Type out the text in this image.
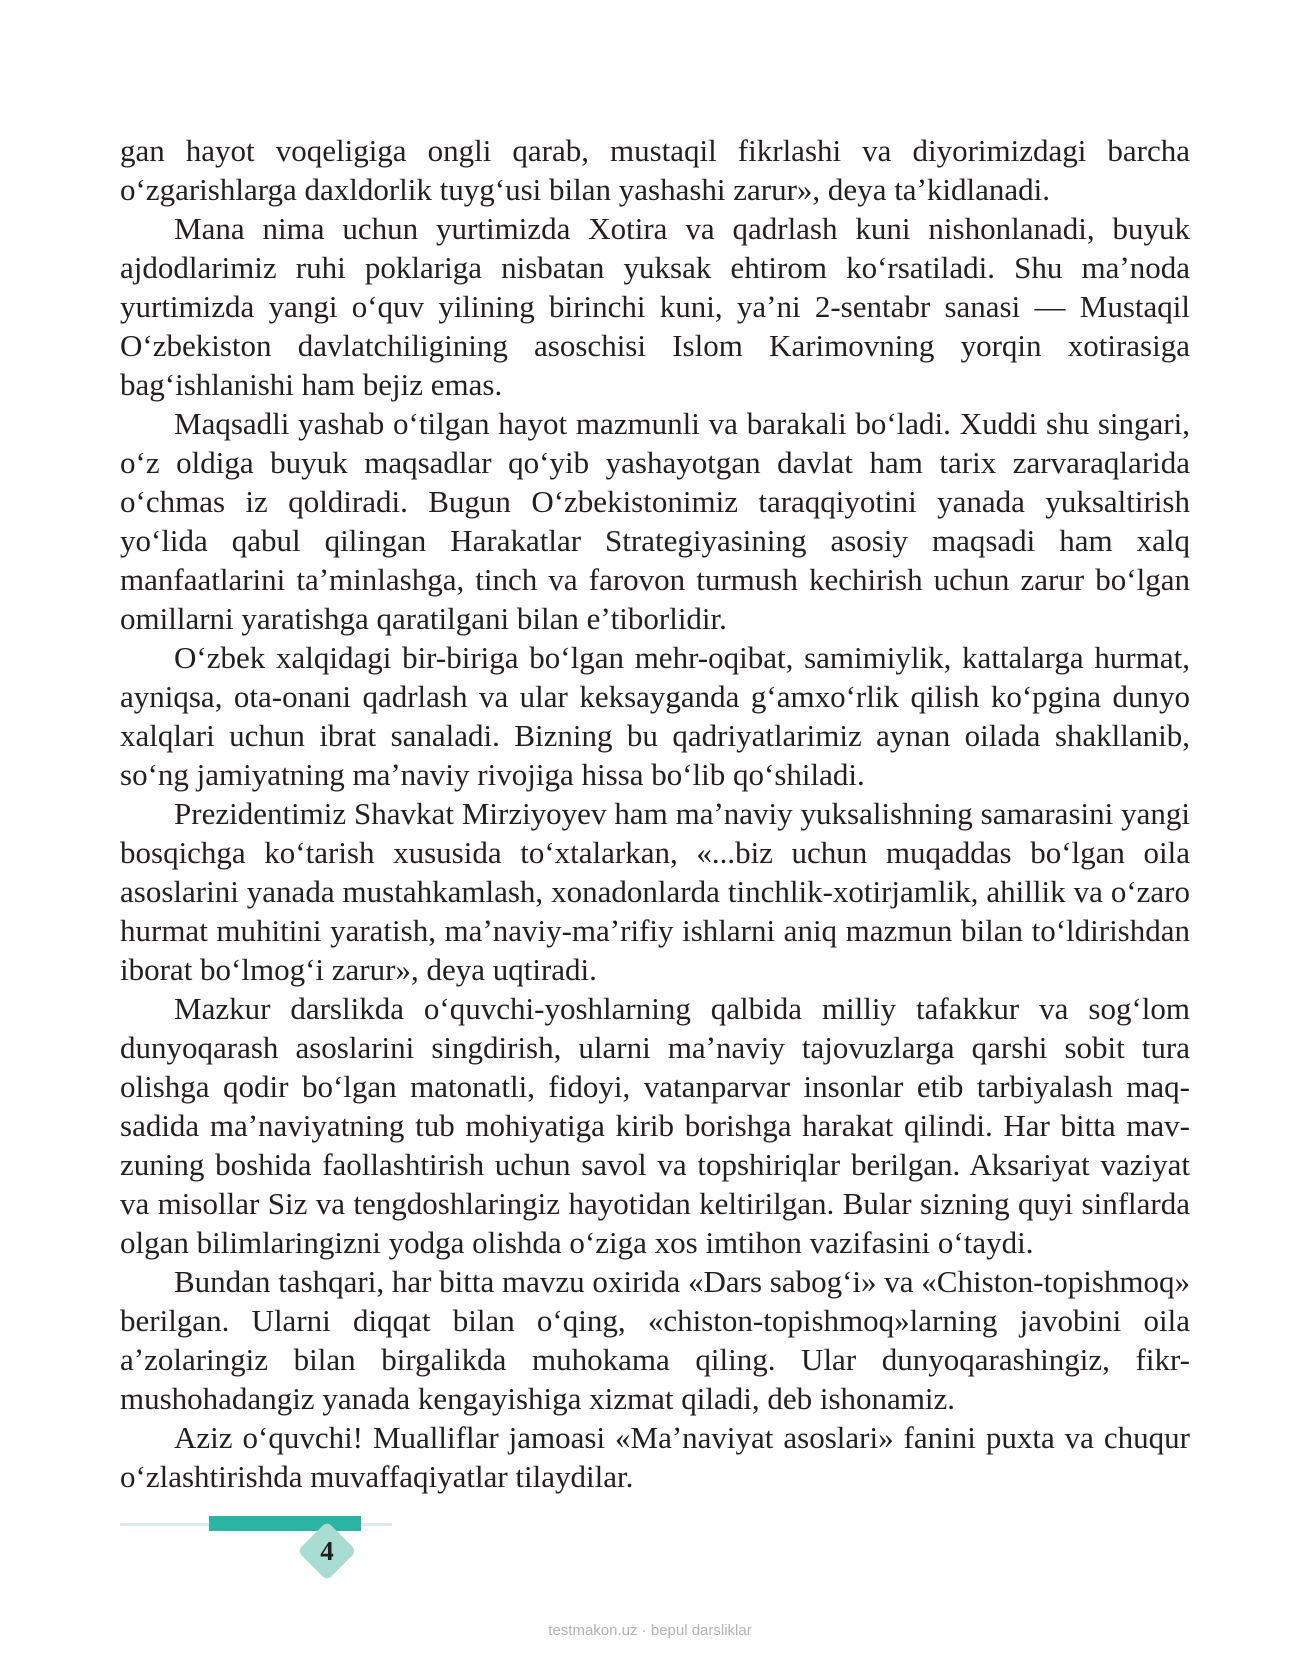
gan hayot voqeligiga ongli qarab, mustaqil fikrlashi va diyorimizdagi barcha oʻzgarishlarga daxldorlik tuygʻusi bilan yashashi zarur», deya taʼkidlanadi.

Mana nima uchun yurtimizda Xotira va qadrlash kuni nishonlanadi, buyuk ajdodlarimiz ruhi poklariga nisbatan yuksak ehtirom koʻrsatiladi. Shu maʼnoda yurtimizda yangi oʻquv yilining birinchi kuni, yaʼni 2-sentabr sanasi — Mustaqil Oʻzbekiston davlatchiligining asoschisi Islom Karimovning yorqin xotirasiga bagʻishlanishi ham bejiz emas.

Maqsadli yashab oʻtilgan hayot mazmunli va barakali boʻladi. Xuddi shu singari, oʻz oldiga buyuk maqsadlar qoʻyib yashayotgan davlat ham tarix zarvaraqlarida oʻchmas iz qoldiradi. Bugun Oʻzbekistonimiz taraqqiyotini yanada yuksaltirish yoʻlida qabul qilingan Harakatlar Strategiyasining asosiy maqsadi ham xalq manfaatlarini taʼminlashga, tinch va farovon turmush kechirish uchun zarur boʻlgan omillarni yaratishga qaratilgani bilan eʼtiborlidir.

Oʻzbek xalqidagi bir-biriga boʻlgan mehr-oqibat, samimiylik, kattalarga hurmat, ayniqsa, ota-onani qadrlash va ular keksayganda gʻamxoʻrlik qilish koʻpgina dunyo xalqlari uchun ibrat sanaladi. Bizning bu qadriyatlarimiz aynan oilada shakllanib, soʻng jamiyatning maʼnaviy rivojiga hissa boʻlib qoʻshiladi.

Prezidentimiz Shavkat Mirziyoyev ham maʼnaviy yuksalishning samarasini yangi bosqichga koʻtarish xususida toʻxtalarkan, «...biz uchun muqaddas boʻlgan oila asoslarini yanada mustahkamlash, xonadonlarda tinchlik-xotirjamlik, ahillik va oʻzaro hurmat muhitini yaratish, maʼnaviy-maʼrifiy ishlarni aniq mazmun bilan toʻldirishdan iborat boʻlmogʻi zarur», deya uqtiradi.

Mazkur darslikda oʻquvchi-yoshlarning qalbida milliy tafakkur va sogʻlom dunyoqarash asoslarini singdirish, ularni maʼnaviy tajovuzlarga qarshi sobit tura olishga qodir boʻlgan matonatli, fidoyi, vatanparvar insonlar etib tarbiyalash maqsadida maʼnaviyatning tub mohiyatiga kirib borishga harakat qilindi. Har bitta mavzuning boshida faollashtirish uchun savol va topshiriqlar berilgan. Aksariyat vaziyat va misollar Siz va tengdoshlaringiz hayotidan keltirilgan. Bular sizning quyi sinflarda olgan bilimlaringizni yodga olishda oʻziga xos imtihon vazifasini oʻtaydi.

Bundan tashqari, har bitta mavzu oxirida «Dars sabogʻi» va «Chiston-topishmoq» berilgan. Ularni diqqat bilan oʻqing, «chiston-topishmoq»larning javobini oila aʼzolaringiz bilan birgalikda muhokama qiling. Ular dunyoqarashingiz, fikr-mushohadangiz yanada kengayishiga xizmat qiladi, deb ishonamiz.

Aziz oʻquvchi! Mualliflar jamoasi «Maʼnaviyat asoslari» fanini puxta va chuqur oʻzlashtirishda muvaffaqiyatlar tilaydilar.

4
testmakon.uz · bepul darsliklar
